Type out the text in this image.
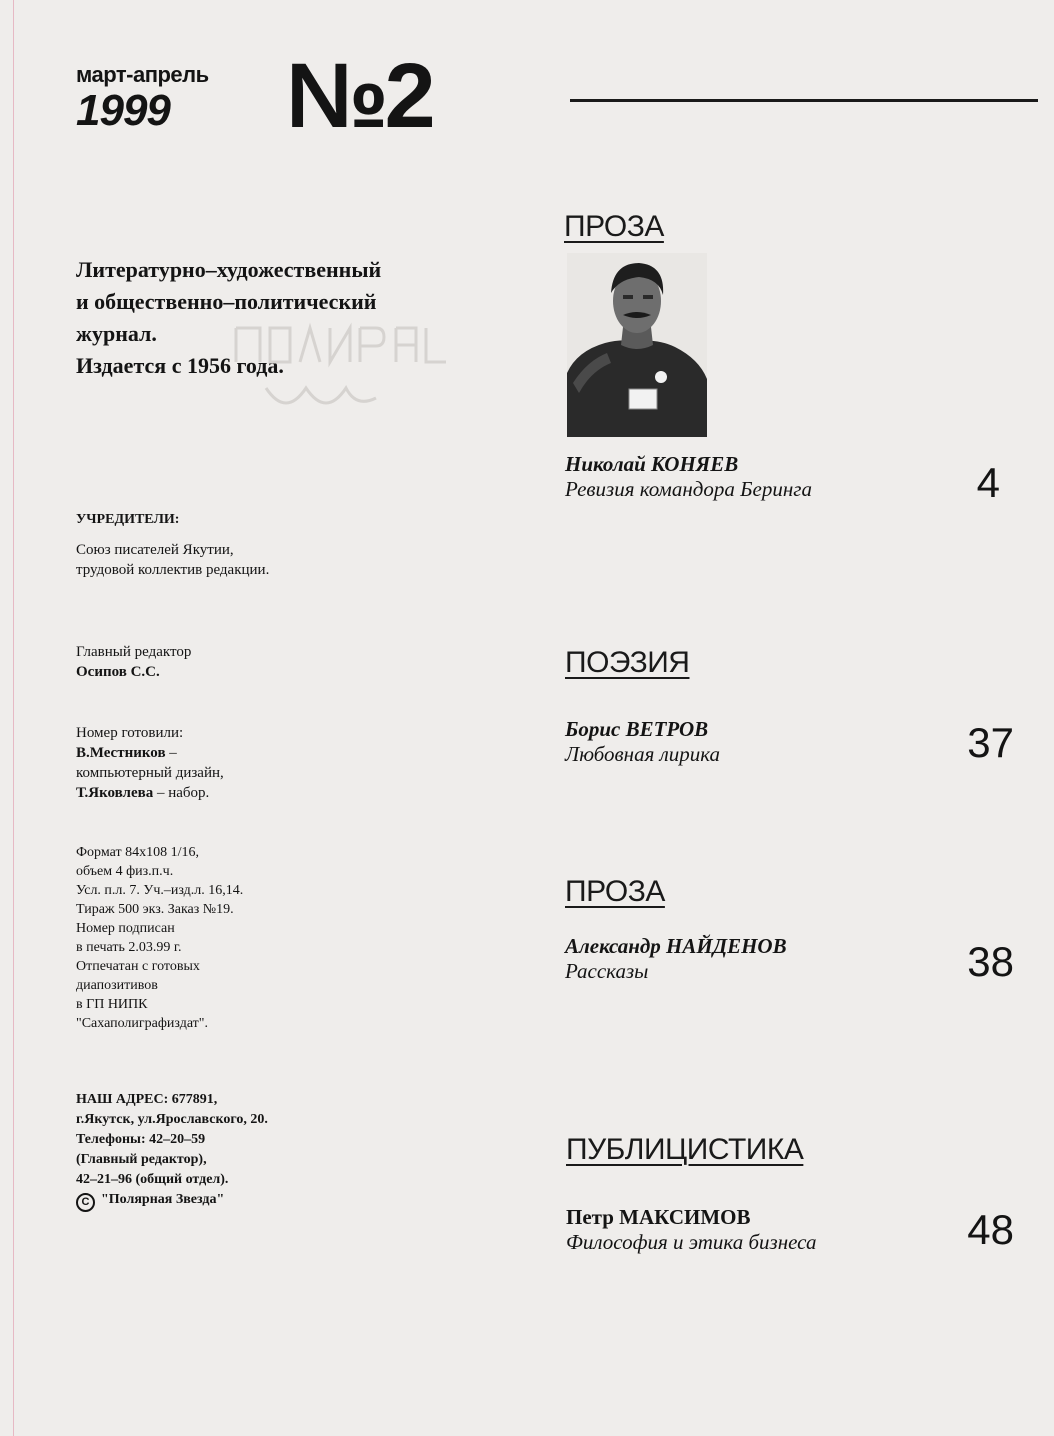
март-апрель
1999 №2
Литературно–художественный
и общественно–политический
журнал.
Издается с 1956 года.
УЧРЕДИТЕЛИ:
Союз писателей Якутии,
трудовой коллектив редакции.
Главный редактор
Осипов С.С.
Номер готовили:
В.Местников –
компьютерный дизайн,
Т.Яковлева – набор.
Формат 84х108 1/16,
объем 4 физ.п.ч.
Усл. п.л. 7. Уч.–изд.л. 16,14.
Тираж 500 экз. Заказ №19.
Номер подписан
в печать 2.03.99 г.
Отпечатан с готовых
диапозитивов
в ГП НИПК
"Сахаполиграфиздат".
НАШ АДРЕС: 677891,
г.Якутск, ул.Ярославского, 20.
Телефоны: 42–20–59
(Главный редактор),
42–21–96 (общий отдел).
C "Полярная Звезда"
ПРОЗА
Николай КОНЯЕВ
Ревизия командора Беринга	4
ПОЭЗИЯ
Борис ВЕТРОВ
Любовная лирика	37
ПРОЗА
Александр НАЙДЕНОВ
Рассказы	38
ПУБЛИЦИСТИКА
Петр МАКСИМОВ
Философия и этика бизнеса	48
